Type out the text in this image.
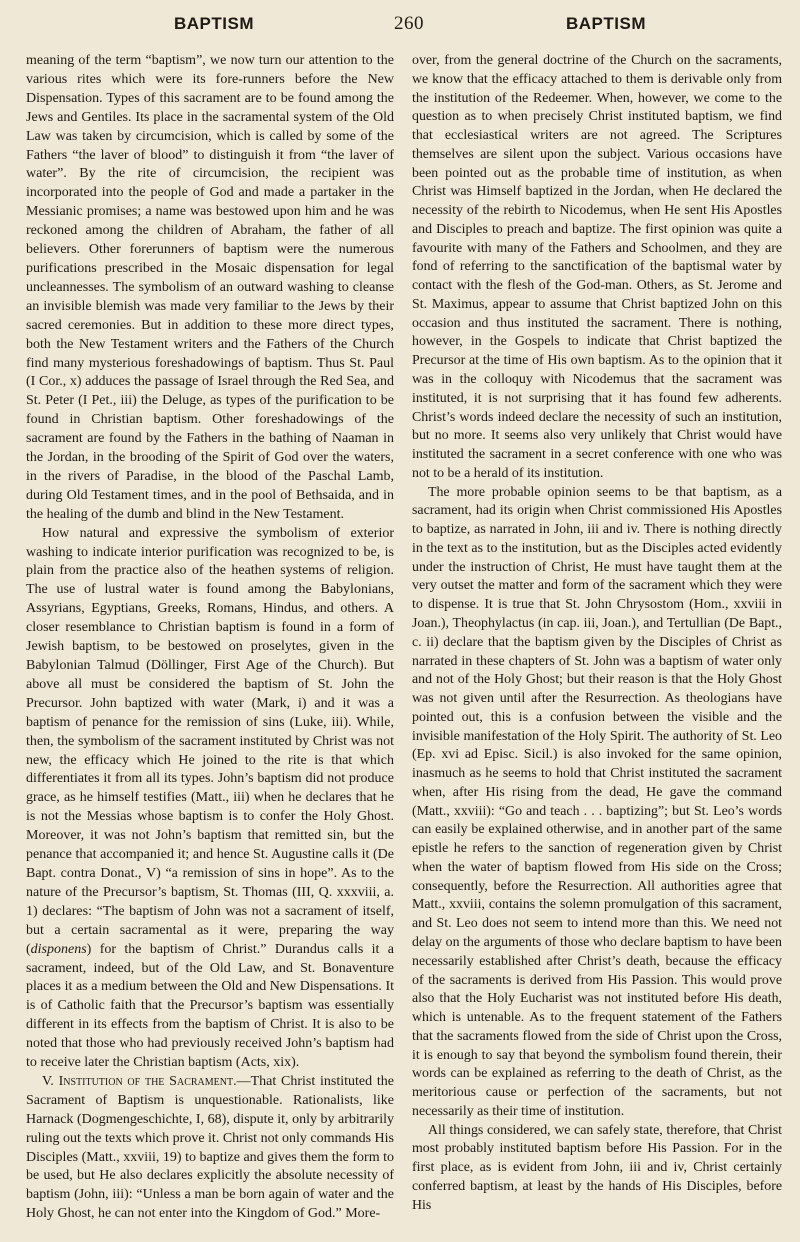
BAPTISM	260	BAPTISM

meaning of the term “baptism”, we now turn our attention to the various rites which were its fore-runners before the New Dispensation. Types of this sacrament are to be found among the Jews and Gentiles. Its place in the sacramental system of the Old Law was taken by circumcision, which is called by some of the Fathers “the laver of blood” to distinguish it from “the laver of water”. By the rite of circumcision, the recipient was incorporated into the people of God and made a partaker in the Messianic promises; a name was bestowed upon him and he was reckoned among the children of Abraham, the father of all believers. Other forerunners of baptism were the numerous purifications prescribed in the Mosaic dispensation for legal uncleannesses. The symbolism of an outward washing to cleanse an invisible blemish was made very familiar to the Jews by their sacred ceremonies. But in addition to these more direct types, both the New Testament writers and the Fathers of the Church find many mysterious foreshadowings of baptism. Thus St. Paul (I Cor., x) adduces the passage of Israel through the Red Sea, and St. Peter (I Pet., iii) the Deluge, as types of the purification to be found in Christian baptism. Other foreshadowings of the sacrament are found by the Fathers in the bathing of Naaman in the Jordan, in the brooding of the Spirit of God over the waters, in the rivers of Paradise, in the blood of the Paschal Lamb, during Old Testament times, and in the pool of Bethsaida, and in the healing of the dumb and blind in the New Testament.

How natural and expressive the symbolism of exterior washing to indicate interior purification was recognized to be, is plain from the practice also of the heathen systems of religion. The use of lustral water is found among the Babylonians, Assyrians, Egyptians, Greeks, Romans, Hindus, and others. A closer resemblance to Christian baptism is found in a form of Jewish baptism, to be bestowed on proselytes, given in the Babylonian Talmud (Döllinger, First Age of the Church). But above all must be considered the baptism of St. John the Precursor. John baptized with water (Mark, i) and it was a baptism of penance for the remission of sins (Luke, iii). While, then, the symbolism of the sacrament instituted by Christ was not new, the efficacy which He joined to the rite is that which differentiates it from all its types. John’s baptism did not produce grace, as he himself testifies (Matt., iii) when he declares that he is not the Messias whose baptism is to confer the Holy Ghost. Moreover, it was not John’s baptism that remitted sin, but the penance that accompanied it; and hence St. Augustine calls it (De Bapt. contra Donat., V) “a remission of sins in hope”. As to the nature of the Precursor’s baptism, St. Thomas (III, Q. xxxviii, a. 1) declares: “The baptism of John was not a sacrament of itself, but a certain sacramental as it were, preparing the way (disponens) for the baptism of Christ.” Durandus calls it a sacrament, indeed, but of the Old Law, and St. Bonaventure places it as a medium between the Old and New Dispensations. It is of Catholic faith that the Precursor’s baptism was essentially different in its effects from the baptism of Christ. It is also to be noted that those who had previously received John’s baptism had to receive later the Christian baptism (Acts, xix).

V. Institution of the Sacrament.—That Christ instituted the Sacrament of Baptism is unquestionable. Rationalists, like Harnack (Dogmengeschichte, I, 68), dispute it, only by arbitrarily ruling out the texts which prove it. Christ not only commands His Disciples (Matt., xxviii, 19) to baptize and gives them the form to be used, but He also declares explicitly the absolute necessity of baptism (John, iii): “Unless a man be born again of water and the Holy Ghost, he can not enter into the Kingdom of God.” More-

over, from the general doctrine of the Church on the sacraments, we know that the efficacy attached to them is derivable only from the institution of the Redeemer. When, however, we come to the question as to when precisely Christ instituted baptism, we find that ecclesiastical writers are not agreed. The Scriptures themselves are silent upon the subject. Various occasions have been pointed out as the probable time of institution, as when Christ was Himself baptized in the Jordan, when He declared the necessity of the rebirth to Nicodemus, when He sent His Apostles and Disciples to preach and baptize. The first opinion was quite a favourite with many of the Fathers and Schoolmen, and they are fond of referring to the sanctification of the baptismal water by contact with the flesh of the God-man. Others, as St. Jerome and St. Maximus, appear to assume that Christ baptized John on this occasion and thus instituted the sacrament. There is nothing, however, in the Gospels to indicate that Christ baptized the Precursor at the time of His own baptism. As to the opinion that it was in the colloquy with Nicodemus that the sacrament was instituted, it is not surprising that it has found few adherents. Christ’s words indeed declare the necessity of such an institution, but no more. It seems also very unlikely that Christ would have instituted the sacrament in a secret conference with one who was not to be a herald of its institution.

The more probable opinion seems to be that baptism, as a sacrament, had its origin when Christ commissioned His Apostles to baptize, as narrated in John, iii and iv. There is nothing directly in the text as to the institution, but as the Disciples acted evidently under the instruction of Christ, He must have taught them at the very outset the matter and form of the sacrament which they were to dispense. It is true that St. John Chrysostom (Hom., xxviii in Joan.), Theophylactus (in cap. iii, Joan.), and Tertullian (De Bapt., c. ii) declare that the baptism given by the Disciples of Christ as narrated in these chapters of St. John was a baptism of water only and not of the Holy Ghost; but their reason is that the Holy Ghost was not given until after the Resurrection. As theologians have pointed out, this is a confusion between the visible and the invisible manifestation of the Holy Spirit. The authority of St. Leo (Ep. xvi ad Episc. Sicil.) is also invoked for the same opinion, inasmuch as he seems to hold that Christ instituted the sacrament when, after His rising from the dead, He gave the command (Matt., xxviii): “Go and teach . . . baptizing”; but St. Leo’s words can easily be explained otherwise, and in another part of the same epistle he refers to the sanction of regeneration given by Christ when the water of baptism flowed from His side on the Cross; consequently, before the Resurrection. All authorities agree that Matt., xxviii, contains the solemn promulgation of this sacrament, and St. Leo does not seem to intend more than this. We need not delay on the arguments of those who declare baptism to have been necessarily established after Christ’s death, because the efficacy of the sacraments is derived from His Passion. This would prove also that the Holy Eucharist was not instituted before His death, which is untenable. As to the frequent statement of the Fathers that the sacraments flowed from the side of Christ upon the Cross, it is enough to say that beyond the symbolism found therein, their words can be explained as referring to the death of Christ, as the meritorious cause or perfection of the sacraments, but not necessarily as their time of institution.

All things considered, we can safely state, therefore, that Christ most probably instituted baptism before His Passion. For in the first place, as is evident from John, iii and iv, Christ certainly conferred baptism, at least by the hands of His Disciples, before His
